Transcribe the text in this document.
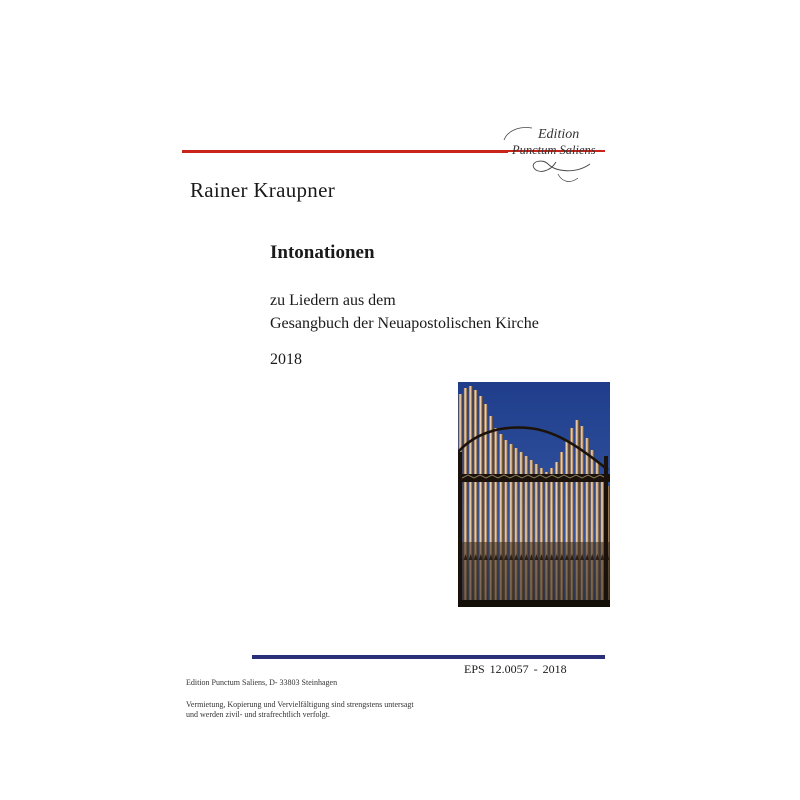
Edition
Punctum Saliens
Rainer Kraupner
Intonationen
zu Liedern aus dem
Gesangbuch der Neuapostolischen Kirche
2018
EPS 12.0057 - 2018
Edition Punctum Saliens, D- 33803 Steinhagen
Vermietung, Kopierung und Vervielfältigung sind strengstens untersagt
und werden zivil- und strafrechtlich verfolgt.
